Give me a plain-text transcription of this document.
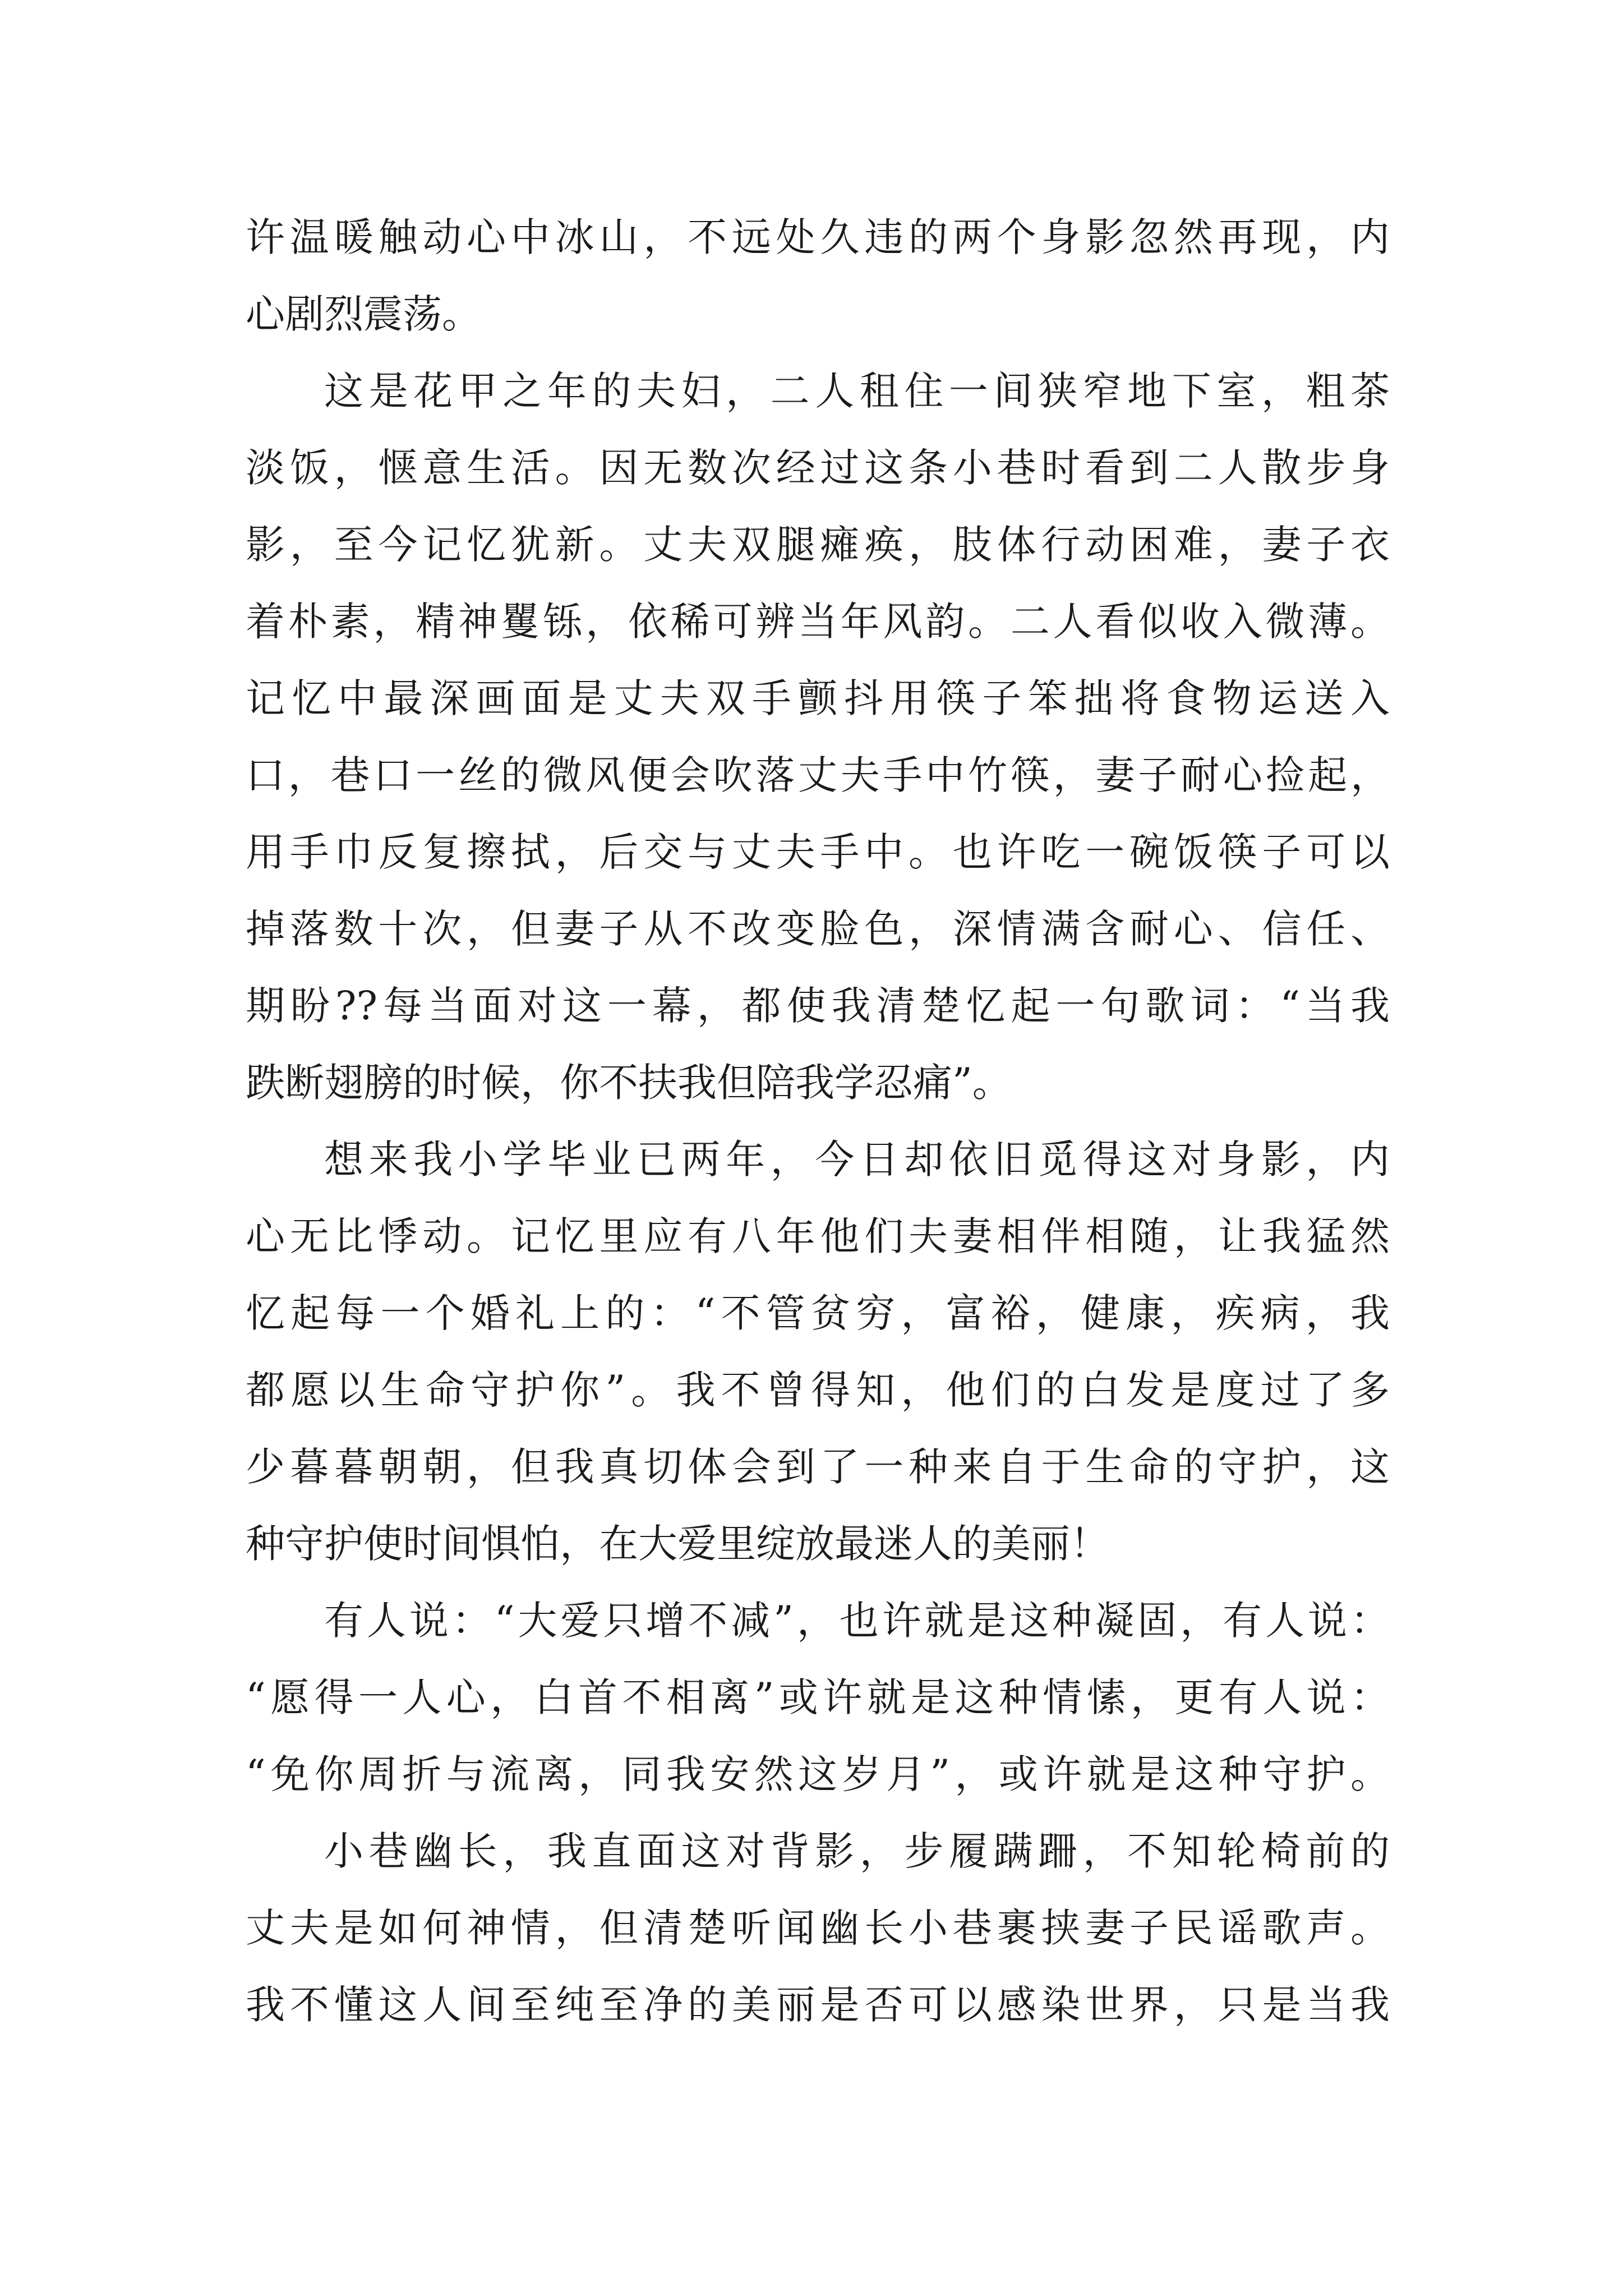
许温暖触动心中冰山，不远处久违的两个身影忽然再现，内
心剧烈震荡。
这是花甲之年的夫妇，二人租住一间狭窄地下室，粗茶
淡饭，惬意生活。因无数次经过这条小巷时看到二人散步身
影，至今记忆犹新。丈夫双腿瘫痪，肢体行动困难，妻子衣
着朴素，精神矍铄，依稀可辨当年风韵。二人看似收入微薄。
记忆中最深画面是丈夫双手颤抖用筷子笨拙将食物运送入
口，巷口一丝的微风便会吹落丈夫手中竹筷，妻子耐心捡起，
用手巾反复擦拭，后交与丈夫手中。也许吃一碗饭筷子可以
掉落数十次，但妻子从不改变脸色，深情满含耐心、信任、
期盼??每当面对这一幕，都使我清楚忆起一句歌词：“当我
跌断翅膀的时候，你不扶我但陪我学忍痛”。
想来我小学毕业已两年，今日却依旧觅得这对身影，内
心无比悸动。记忆里应有八年他们夫妻相伴相随，让我猛然
忆起每一个婚礼上的：“不管贫穷，富裕，健康，疾病，我
都愿以生命守护你”。我不曾得知，他们的白发是度过了多
少暮暮朝朝，但我真切体会到了一种来自于生命的守护，这
种守护使时间惧怕，在大爱里绽放最迷人的美丽！
有人说：“大爱只增不减”，也许就是这种凝固，有人说：
“愿得一人心，白首不相离”或许就是这种情愫，更有人说：
“免你周折与流离，同我安然这岁月”，或许就是这种守护。
小巷幽长，我直面这对背影，步履蹒跚，不知轮椅前的
丈夫是如何神情，但清楚听闻幽长小巷裹挟妻子民谣歌声。
我不懂这人间至纯至净的美丽是否可以感染世界，只是当我
